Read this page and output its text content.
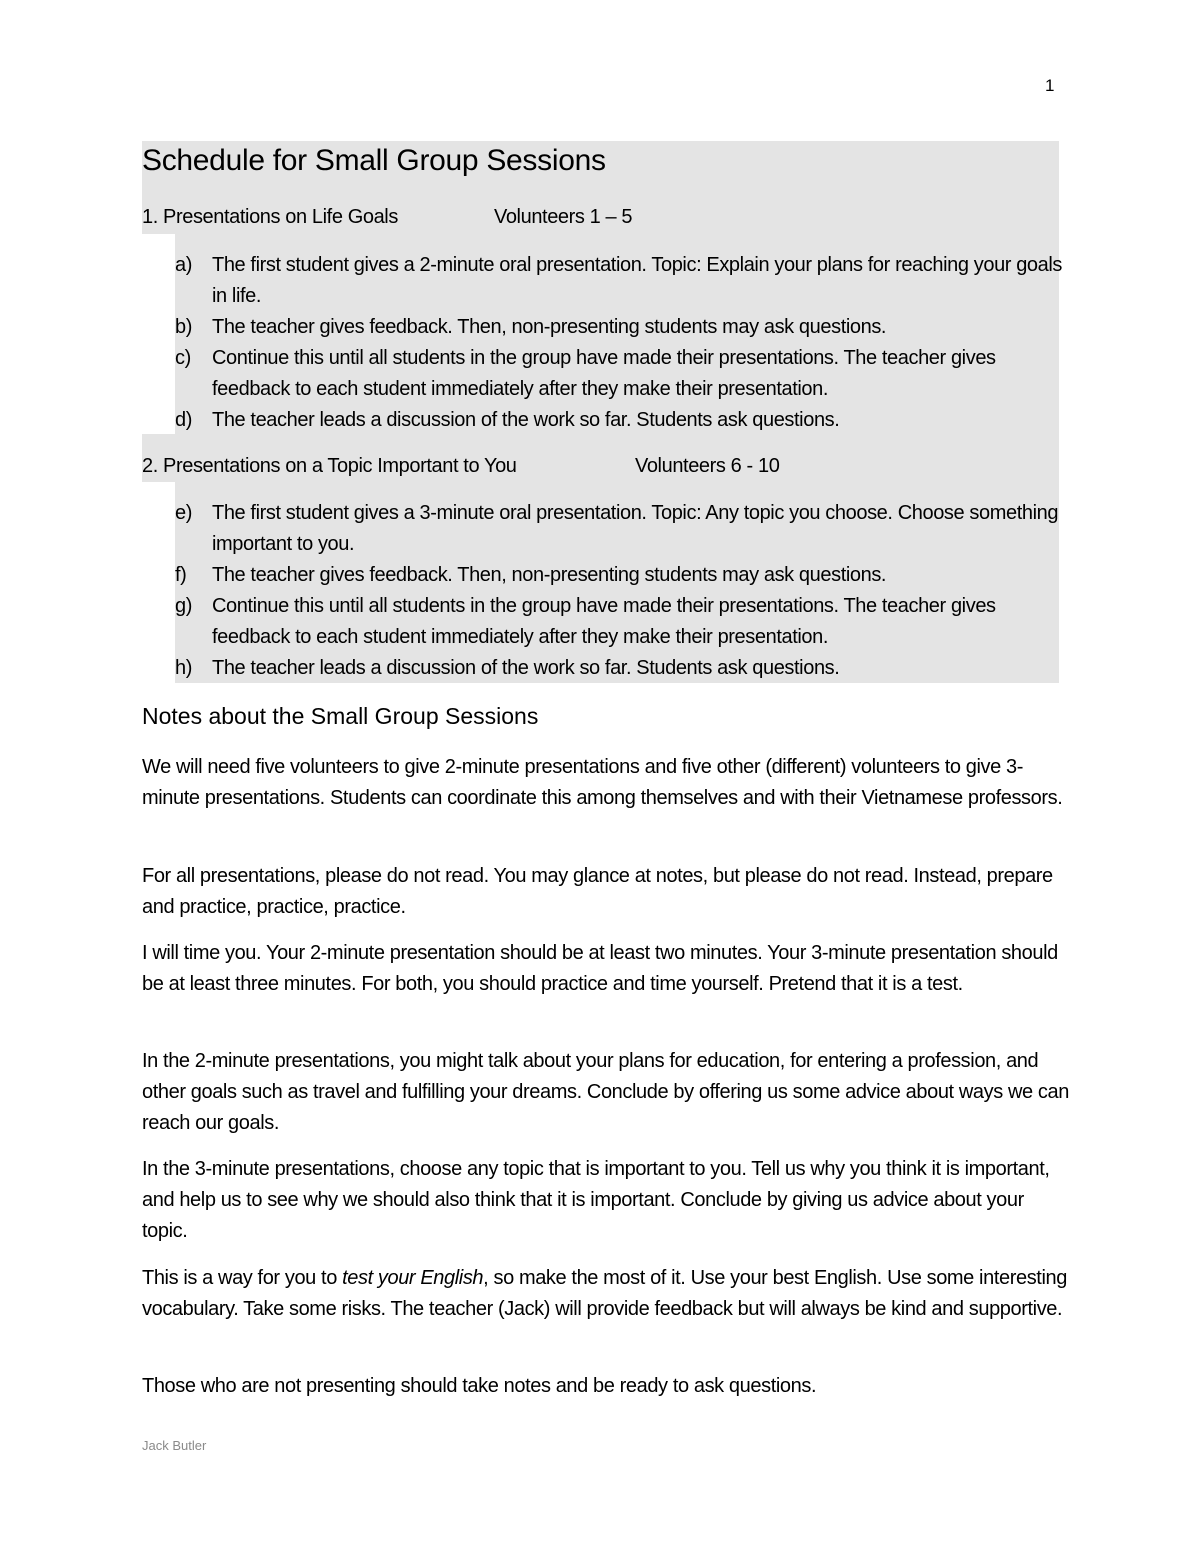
1
Schedule for Small Group Sessions
1. Presentations on Life Goals	Volunteers 1 – 5
a) The first student gives a 2-minute oral presentation. Topic: Explain your plans for reaching your goals in life.
b) The teacher gives feedback. Then, non-presenting students may ask questions.
c) Continue this until all students in the group have made their presentations. The teacher gives feedback to each student immediately after they make their presentation.
d) The teacher leads a discussion of the work so far. Students ask questions.
2. Presentations on a Topic Important to You	Volunteers 6 - 10
e) The first student gives a 3-minute oral presentation. Topic: Any topic you choose. Choose something important to you.
f) The teacher gives feedback. Then, non-presenting students may ask questions.
g) Continue this until all students in the group have made their presentations. The teacher gives feedback to each student immediately after they make their presentation.
h) The teacher leads a discussion of the work so far. Students ask questions.
Notes about the Small Group Sessions
We will need five volunteers to give 2-minute presentations and five other (different) volunteers to give 3-minute presentations. Students can coordinate this among themselves and with their Vietnamese professors.
For all presentations, please do not read. You may glance at notes, but please do not read. Instead, prepare and practice, practice, practice.
I will time you. Your 2-minute presentation should be at least two minutes. Your 3-minute presentation should be at least three minutes. For both, you should practice and time yourself. Pretend that it is a test.
In the 2-minute presentations, you might talk about your plans for education, for entering a profession, and other goals such as travel and fulfilling your dreams. Conclude by offering us some advice about ways we can reach our goals.
In the 3-minute presentations, choose any topic that is important to you. Tell us why you think it is important, and help us to see why we should also think that it is important. Conclude by giving us advice about your topic.
This is a way for you to test your English, so make the most of it. Use your best English. Use some interesting vocabulary. Take some risks. The teacher (Jack) will provide feedback but will always be kind and supportive.
Those who are not presenting should take notes and be ready to ask questions.
Jack Butler
